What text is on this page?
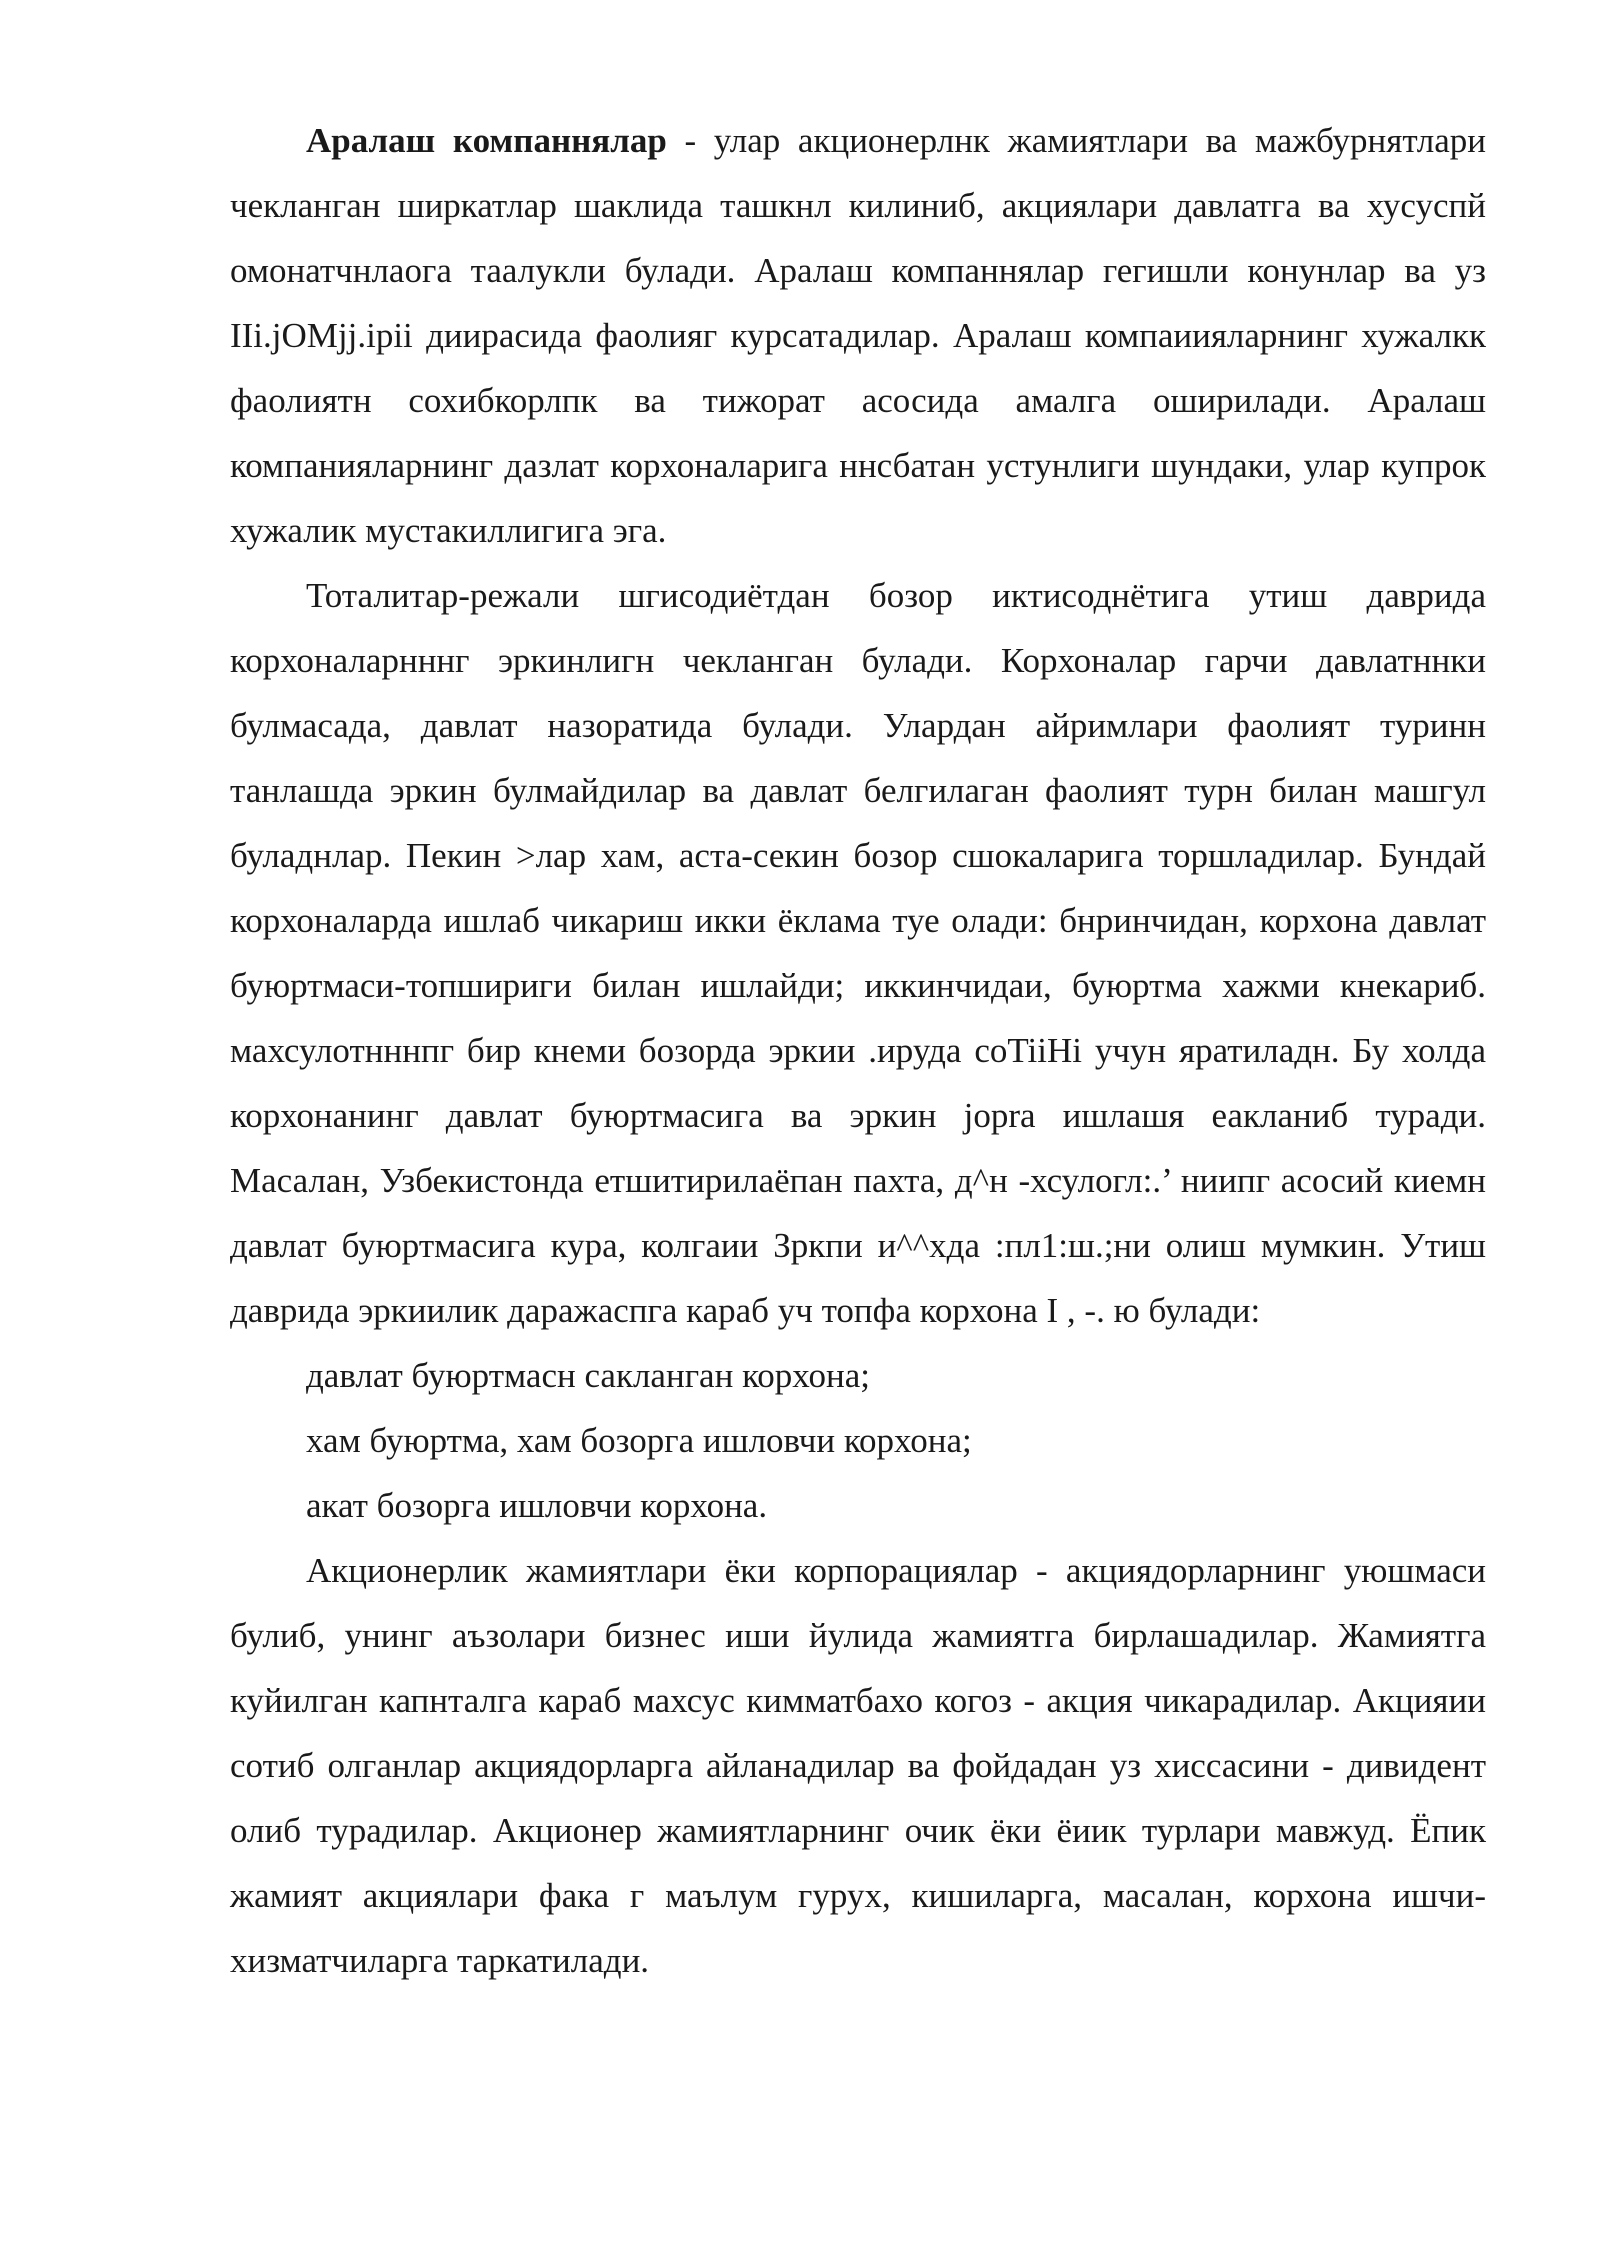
Аралаш компаннялар - улар акционерлнк жамиятлари ва мажбурнятлари чекланган ширкатлар шаклида ташкнл килиниб, акциялари давлатга ва хусуспй омонатчнлаога таалукли булади. Аралаш компаннялар гегишли конунлар ва уз IIi.jOMjj.ipii диирасида фаолияг курсатадилар. Аралаш компаиияларнинг хужалкк фаолиятн сохибкорлпк ва тижорат асосида амалга оширилади. Аралаш компанияларнинг дазлат корхоналарига ннсбатан устунлиги шундаки, улар купрок хужалик мустакиллигига эга.

Тоталитар-режали шгисодиётдан бозор иктисоднётига утиш даврида корхоналарнннг эркинлигн чекланган булади. Корхоналар гарчи давлатннки булмасада, давлат назоратида булади. Улардан айримлари фаолият туринн танлашда эркин булмайдилар ва давлат белгилаган фаолият турн билан машгул буладнлар. Пекин >лар хам, аста-секин бозор сшокаларига торшладилар. Бундай корхоналарда ишлаб чикариш икки ёклама туе олади: бнринчидан, корхона давлат буюртмаси-топшириги билан ишлайди; иккинчидаи, буюртма хажми кнекариб. махсулотнннпг бир кнеми бозорда эркии .ируда coTiiHi учун яратиладн. Бу холда корхонанинг давлат буюртмасига ва эркин jopra ишлашя еакланиб туради. Масалан, Узбекистонда етшитирилаёпан пахта, д^н -хсулогл:.’ ниипг асосий киемн давлат буюртмасига кура, колгаии Зркпи и^^хда :пл1:ш.;ни олиш мумкин. Утиш даврида эркиилик даражаспга караб уч топфа корхона I , -. ю булади:

давлат буюртмасн сакланган корхона;

хам буюртма, хам бозорга ишловчи корхона;

акат бозорга ишловчи корхона.

Акционерлик жамиятлари ёки корпорациялар - акциядорларнинг уюшмаси булиб, унинг аъзолари бизнес иши йулида жамиятга бирлашадилар. Жамиятга куйилган капнталга караб махсус кимматбахо когоз - акция чикарадилар. Акцияии сотиб олганлар акциядорларга айланадилар ва фойдадан уз хиссасини - дивидент олиб турадилар. Акционер жамиятларнинг очик ёки ёиик турлари мавжуд. Ёпик жамият акциялари фака г маълум гурух, кишиларга, масалан, корхона ишчи-хизматчиларга таркатилади.
